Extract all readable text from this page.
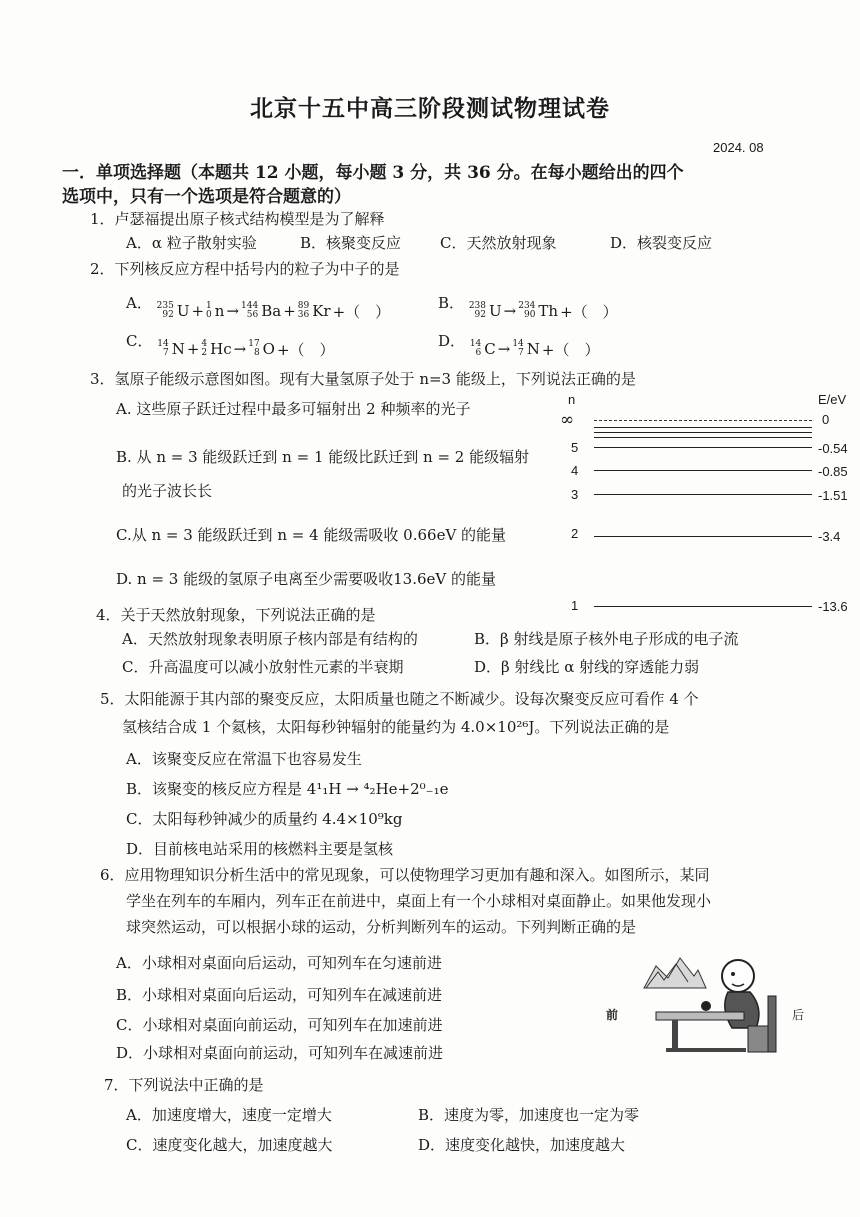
北京十五中高三阶段测试物理试卷
2024. 08
一．单项选择题（本题共 12 小题，每小题 3 分，共 36 分。在每小题给出的四个
选项中，只有一个选项是符合题意的）
1．卢瑟福提出原子核式结构模型是为了解释
A．α 粒子散射实验	B．核聚变反应	C．天然放射现象	D．核裂变反应
2．下列核反应方程中括号内的粒子为中子的是
A． 235
92 U + 1
0 n → 144
56 Ba + 89
36 Kr +（　）	B． 238
92 U → 234
90 Th +（　）
C． 14
7 N + 4
2 Hc → 17
8 O +（　）	D． 14
6 C → 14
7 N +（　）
3．氢原子能级示意图如图。现有大量氢原子处于 n=3 能级上，下列说法正确的是
A. 这些原子跃迁过程中最多可辐射出 2 种频率的光子
B. 从 n = 3 能级跃迁到 n = 1 能级比跃迁到 n = 2 能级辐射
的光子波长长
C.从 n = 3 能级跃迁到 n = 4 能级需吸收 0.66eV 的能量
D. n = 3 能级的氢原子电离至少需要吸收13.6eV 的能量
n	E/eV
∞	0
5	-0.54
4	-0.85
3	-1.51
2	-3.4
1	-13.6
4．关于天然放射现象，下列说法正确的是
A．天然放射现象表明原子核内部是有结构的	B．β 射线是原子核外电子形成的电子流
C．升高温度可以减小放射性元素的半衰期	D．β 射线比 α 射线的穿透能力弱
5．太阳能源于其内部的聚变反应，太阳质量也随之不断减少。设每次聚变反应可看作 4 个
氢核结合成 1 个氦核，太阳每秒钟辐射的能量约为 4.0×10²⁶J。下列说法正确的是
A．该聚变反应在常温下也容易发生
B．该聚变的核反应方程是 4¹₁H → ⁴₂He+2⁰₋₁e
C．太阳每秒钟减少的质量约 4.4×10⁹kg
D．目前核电站采用的核燃料主要是氢核
6．应用物理知识分析生活中的常见现象，可以使物理学习更加有趣和深入。如图所示，某同
学坐在列车的车厢内，列车正在前进中，桌面上有一个小球相对桌面静止。如果他发现小
球突然运动，可以根据小球的运动，分析判断列车的运动。下列判断正确的是
A．小球相对桌面向后运动，可知列车在匀速前进
B．小球相对桌面向后运动，可知列车在减速前进
C．小球相对桌面向前运动，可知列车在加速前进
D．小球相对桌面向前运动，可知列车在减速前进
前	后
7．下列说法中正确的是
A．加速度增大，速度一定增大	B．速度为零，加速度也一定为零
C．速度变化越大，加速度越大	D．速度变化越快，加速度越大
